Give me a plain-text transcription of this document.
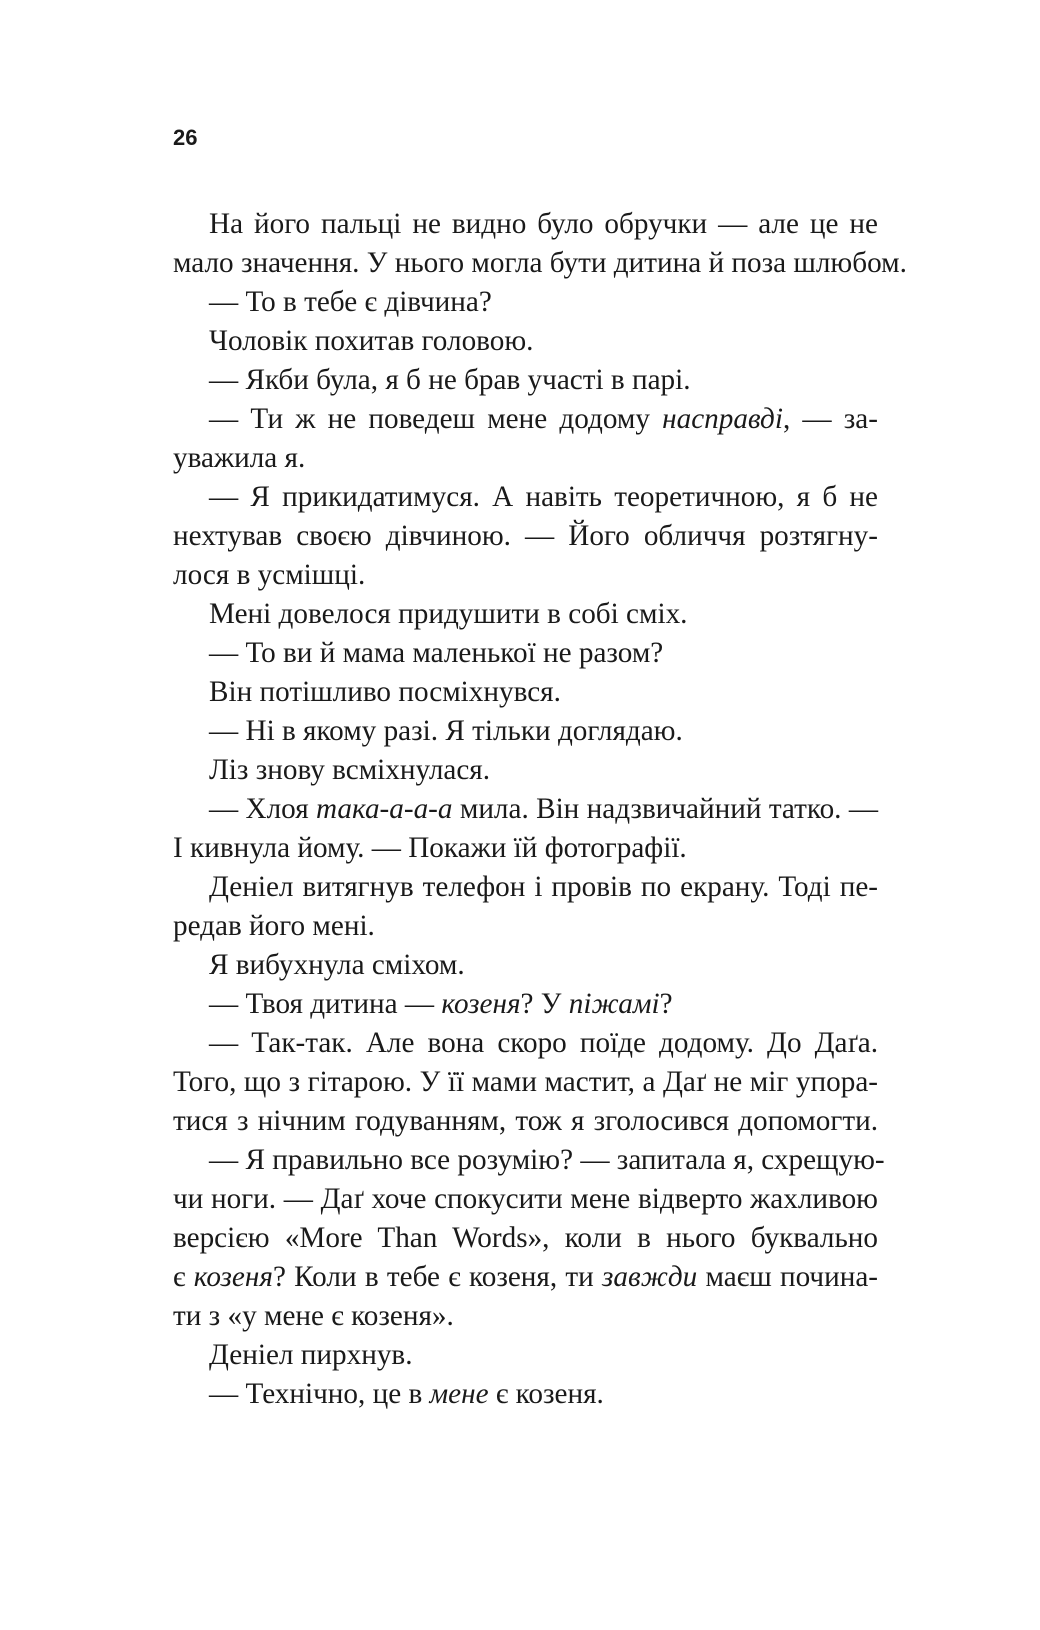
26
На його пальці не видно було обручки — але це не
мало значення. У нього могла бути дитина й поза шлюбом.
— То в тебе є дівчина?
Чоловік похитав головою.
— Якби була, я б не брав участі в парі.
— Ти ж не поведеш мене додому насправді, — за-
уважила я.
— Я прикидатимуся. А навіть теоретичною, я б не
нехтував своєю дівчиною. — Його обличчя розтягну-
лося в усмішці.
Мені довелося придушити в собі сміх.
— То ви й мама маленької не разом?
Він потішливо посміхнувся.
— Ні в якому разі. Я тільки доглядаю.
Ліз знову всміхнулася.
— Хлоя така-а-а-а мила. Він надзвичайний татко. —
І кивнула йому. — Покажи їй фотографії.
Деніел витягнув телефон і провів по екрану. Тоді пе-
редав його мені.
Я вибухнула сміхом.
— Твоя дитина — козеня? У піжамі?
— Так-так. Але вона скоро поїде додому. До Даґа.
Того, що з гітарою. У її мами мастит, а Даґ не міг упора-
тися з нічним годуванням, тож я зголосився допомогти.
— Я правильно все розумію? — запитала я, схрещую-
чи ноги. — Даґ хоче спокусити мене відверто жахливою
версією «More Than Words», коли в нього буквально
є козеня? Коли в тебе є козеня, ти завжди маєш почина-
ти з «у мене є козеня».
Деніел пирхнув.
— Технічно, це в мене є козеня.
